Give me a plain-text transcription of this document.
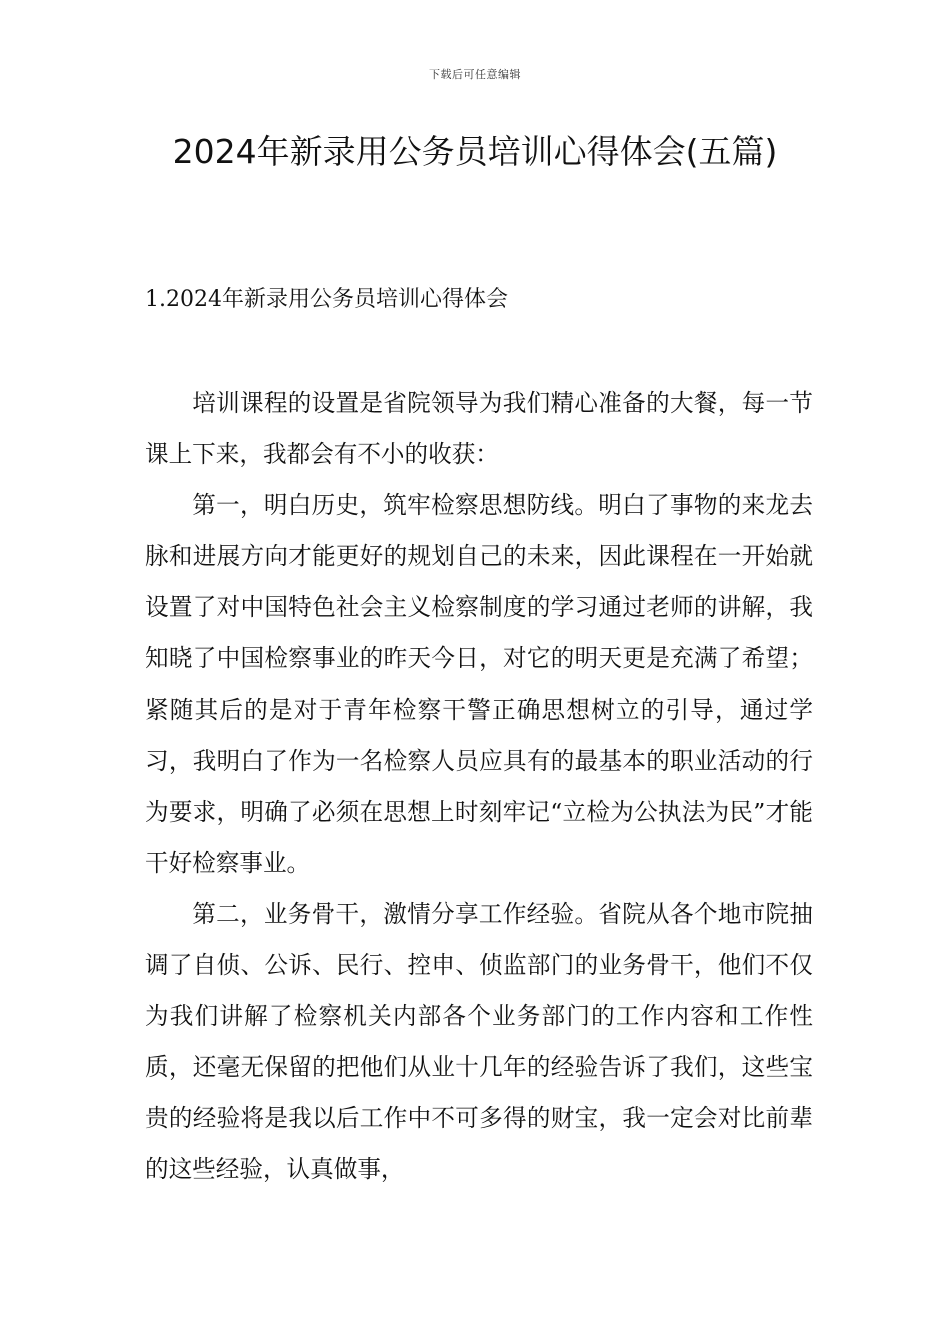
下载后可任意编辑
2024年新录用公务员培训心得体会(五篇)
1.2024年新录用公务员培训心得体会

培训课程的设置是省院领导为我们精心准备的大餐，每一节课上下来，我都会有不小的收获：

第一，明白历史，筑牢检察思想防线。明白了事物的来龙去脉和进展方向才能更好的规划自己的未来，因此课程在一开始就设置了对中国特色社会主义检察制度的学习通过老师的讲解，我知晓了中国检察事业的昨天今日，对它的明天更是充满了希望；紧随其后的是对于青年检察干警正确思想树立的引导，通过学习，我明白了作为一名检察人员应具有的最基本的职业活动的行为要求，明确了必须在思想上时刻牢记“立检为公执法为民”才能干好检察事业。

第二，业务骨干，激情分享工作经验。省院从各个地市院抽调了自侦、公诉、民行、控申、侦监部门的业务骨干，他们不仅为我们讲解了检察机关内部各个业务部门的工作内容和工作性质，还毫无保留的把他们从业十几年的经验告诉了我们，这些宝贵的经验将是我以后工作中不可多得的财宝，我一定会对比前辈的这些经验，认真做事，
